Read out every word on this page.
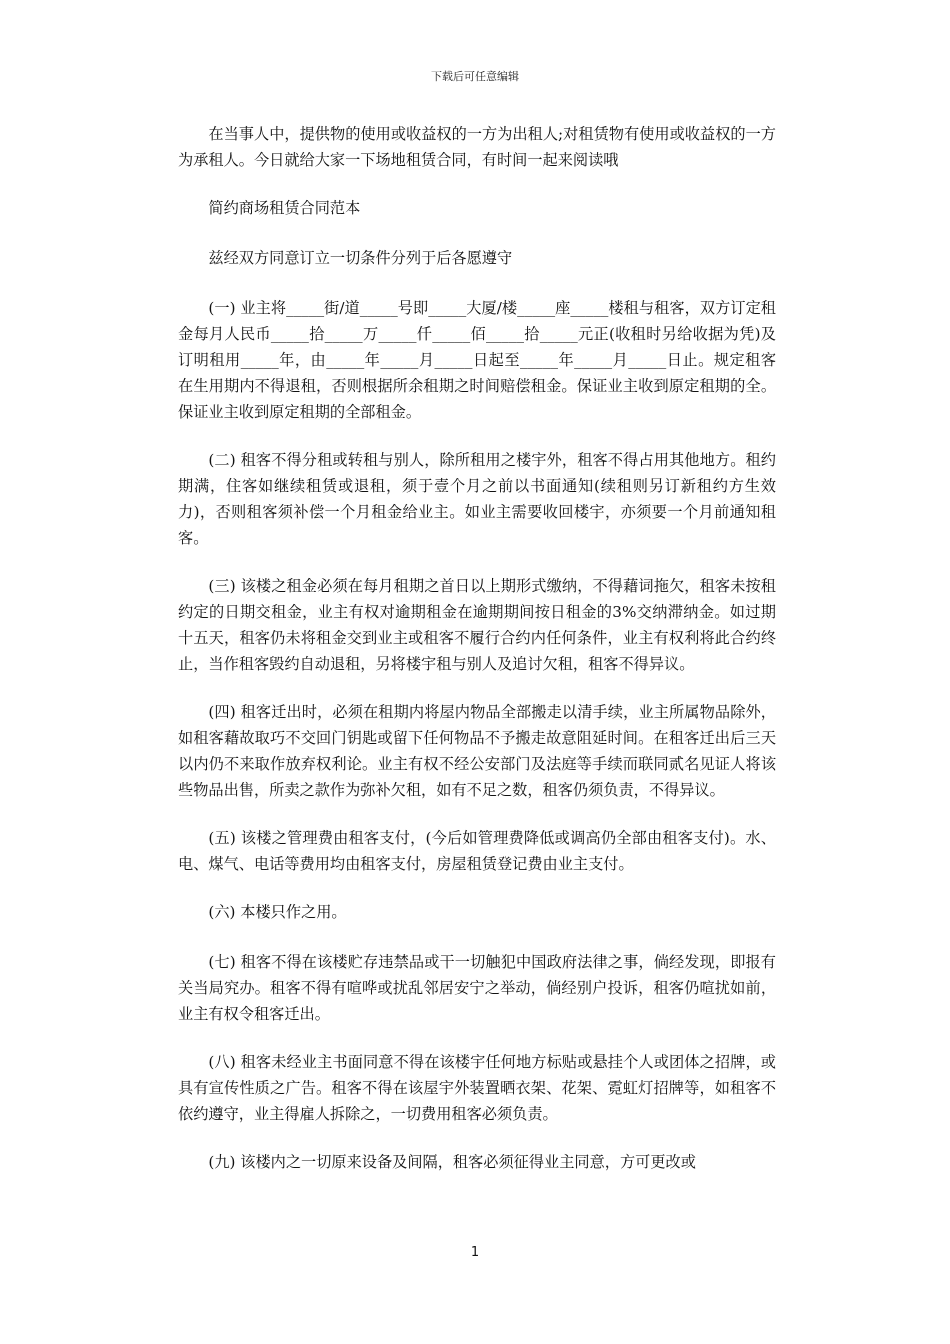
下载后可任意编辑

在当事人中，提供物的使用或收益权的一方为出租人;对租赁物有使用或收益权的一方为承租人。今日就给大家一下场地租赁合同，有时间一起来阅读哦

简约商场租赁合同范本

兹经双方同意订立一切条件分列于后各愿遵守

(一) 业主将_____街/道_____号即_____大厦/楼_____座_____楼租与租客，双方订定租金每月人民币_____拾_____万_____仟_____佰_____拾_____元正(收租时另给收据为凭)及订明租用_____年，由_____年_____月_____日起至_____年_____月_____日止。规定租客在生用期内不得退租，否则根据所余租期之时间赔偿租金。保证业主收到原定租期的全。保证业主收到原定租期的全部租金。

(二) 租客不得分租或转租与别人，除所租用之楼宇外，租客不得占用其他地方。租约期满，住客如继续租赁或退租，须于壹个月之前以书面通知(续租则另订新租约方生效力)，否则租客须补偿一个月租金给业主。如业主需要收回楼宇，亦须要一个月前通知租客。

(三) 该楼之租金必须在每月租期之首日以上期形式缴纳，不得藉词拖欠，租客未按租约定的日期交租金，业主有权对逾期租金在逾期期间按日租金的3%交纳滞纳金。如过期十五天，租客仍未将租金交到业主或租客不履行合约内任何条件，业主有权利将此合约终止，当作租客毁约自动退租，另将楼宇租与别人及追讨欠租，租客不得异议。

(四) 租客迁出时，必须在租期内将屋内物品全部搬走以清手续，业主所属物品除外，如租客藉故取巧不交回门钥匙或留下任何物品不予搬走故意阻延时间。在租客迁出后三天以内仍不来取作放弃权利论。业主有权不经公安部门及法庭等手续而联同贰名见证人将该些物品出售，所卖之款作为弥补欠租，如有不足之数，租客仍须负责，不得异议。

(五) 该楼之管理费由租客支付，(今后如管理费降低或调高仍全部由租客支付)。水、电、煤气、电话等费用均由租客支付，房屋租赁登记费由业主支付。

(六) 本楼只作之用。

(七) 租客不得在该楼贮存违禁品或干一切触犯中国政府法律之事，倘经发现，即报有关当局究办。租客不得有喧哗或扰乱邻居安宁之举动，倘经别户投诉，租客仍喧扰如前，业主有权令租客迁出。

(八) 租客未经业主书面同意不得在该楼宇任何地方标贴或悬挂个人或团体之招牌，或具有宣传性质之广告。租客不得在该屋宇外装置晒衣架、花架、霓虹灯招牌等，如租客不依约遵守，业主得雇人拆除之，一切费用租客必须负责。

(九) 该楼内之一切原来设备及间隔，租客必须征得业主同意，方可更改或

1
